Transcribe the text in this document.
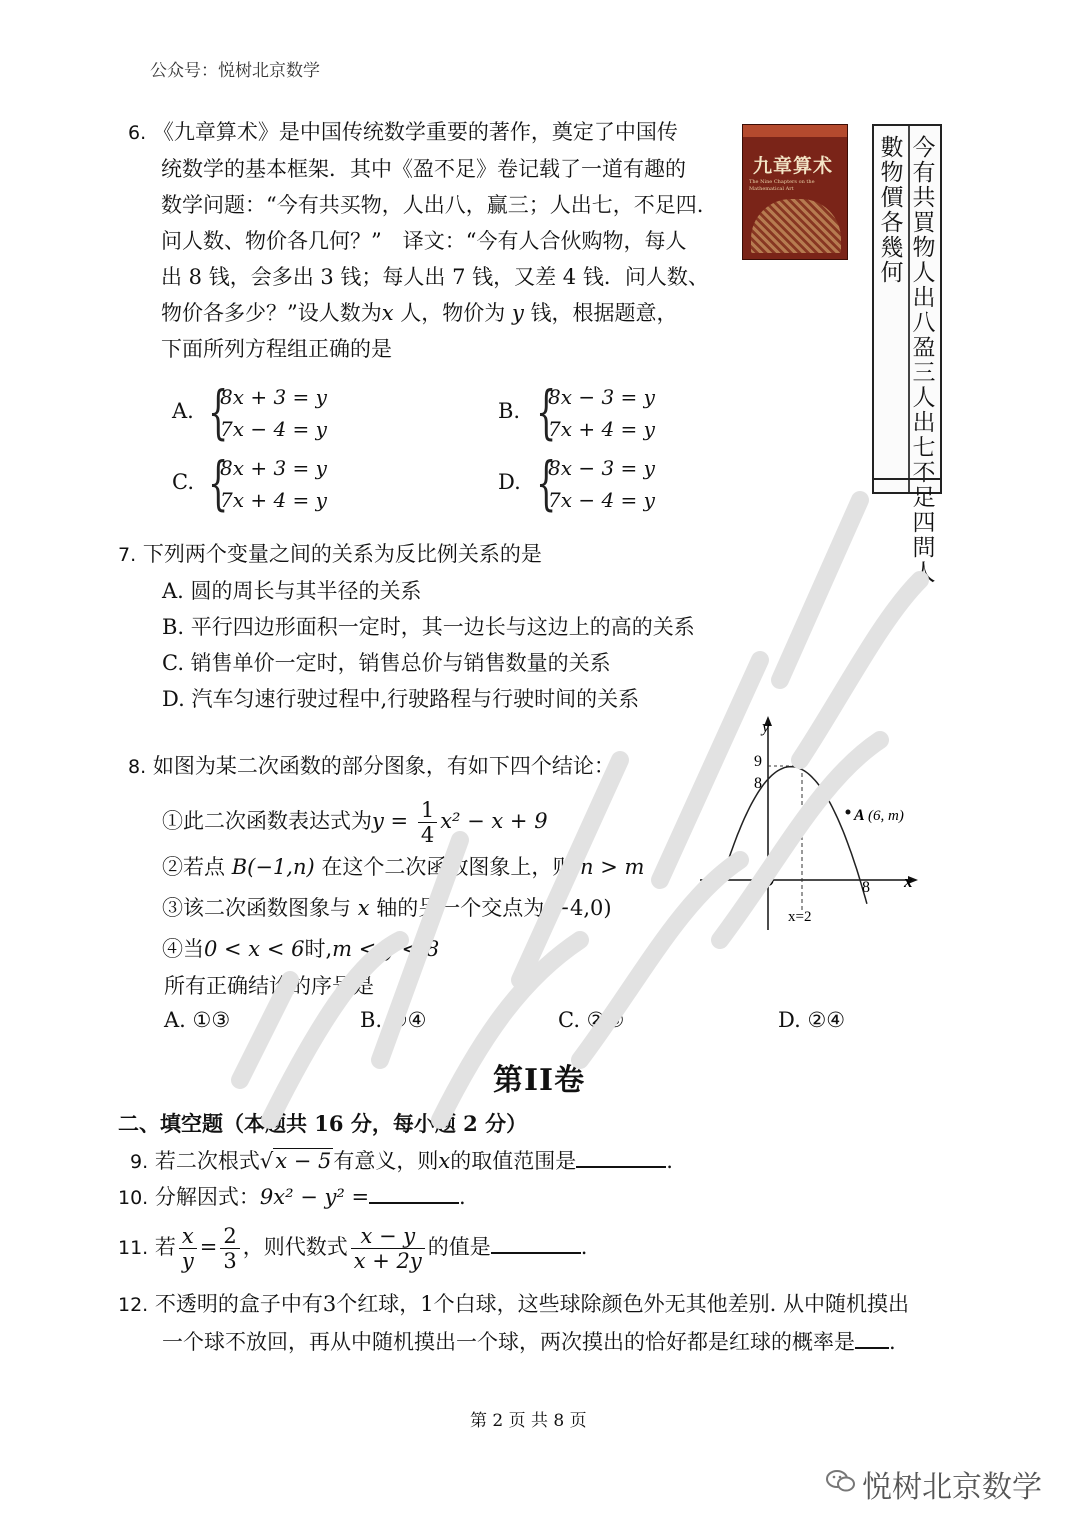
公众号：悦树北京数学
6. 《九章算术》是中国传统数学重要的著作，奠定了中国传
统数学的基本框架．其中《盈不足》卷记载了一道有趣的
数学问题：“今有共买物，人出八，赢三；人出七，不足四.
问人数、物价各几何？”　译文：“今有人合伙购物，每人
出 8 钱，会多出 3 钱；每人出 7 钱，又差 4 钱．问人数、
物价各多少？”设人数为x 人，物价为 y 钱，根据题意，
下面所列方程组正确的是
九章算术
The Nine Chapters on the Mathematical Art
今有共買物人出八盈三人出七不足四問人
數物價各幾何
A. {
8x + 3 = y
7x − 4 = y
B. {
8x − 3 = y
7x + 4 = y
C. {
8x + 3 = y
7x + 4 = y
D. {
8x − 3 = y
7x − 4 = y
7. 下列两个变量之间的关系为反比例关系的是
A. 圆的周长与其半径的关系
B. 平行四边形面积一定时，其一边长与这边上的高的关系
C. 销售单价一定时，销售总价与销售数量的关系
D. 汽车匀速行驶过程中,行驶路程与行驶时间的关系
8. 如图为某二次函数的部分图象，有如下四个结论：
①此二次函数表达式为$y = \frac{1}{4} x^2 - x + 9$
②若点 B(−1,n) 在这个二次函数图象上，则 n > m
③该二次函数图象与 x 轴的另一个交点为(−4,0)
④当0 < x < 6时,m < y < 8
所有正确结论的序号是
A. ①③	B. ①④	C. ②③	D. ②④
y
x
O
9
8
8
A (6, m)
x=2
第II卷
二、填空题（本题共 16 分，每小题 2 分）
9. 若二次根式√x − 5有意义，则x的取值范围是	.
10. 分解因式：9x² − y² =	.
11. 若 $\frac{x}{y} = \frac{2}{3}$ ，则代数式 $\frac{x - y}{x + 2y}$ 的值是	.
12. 不透明的盒子中有3个红球，1个白球，这些球除颜色外无其他差别. 从中随机摸出
一个球不放回，再从中随机摸出一个球，两次摸出的恰好都是红球的概率是 .
第 2 页 共 8 页
悦树北京数学
